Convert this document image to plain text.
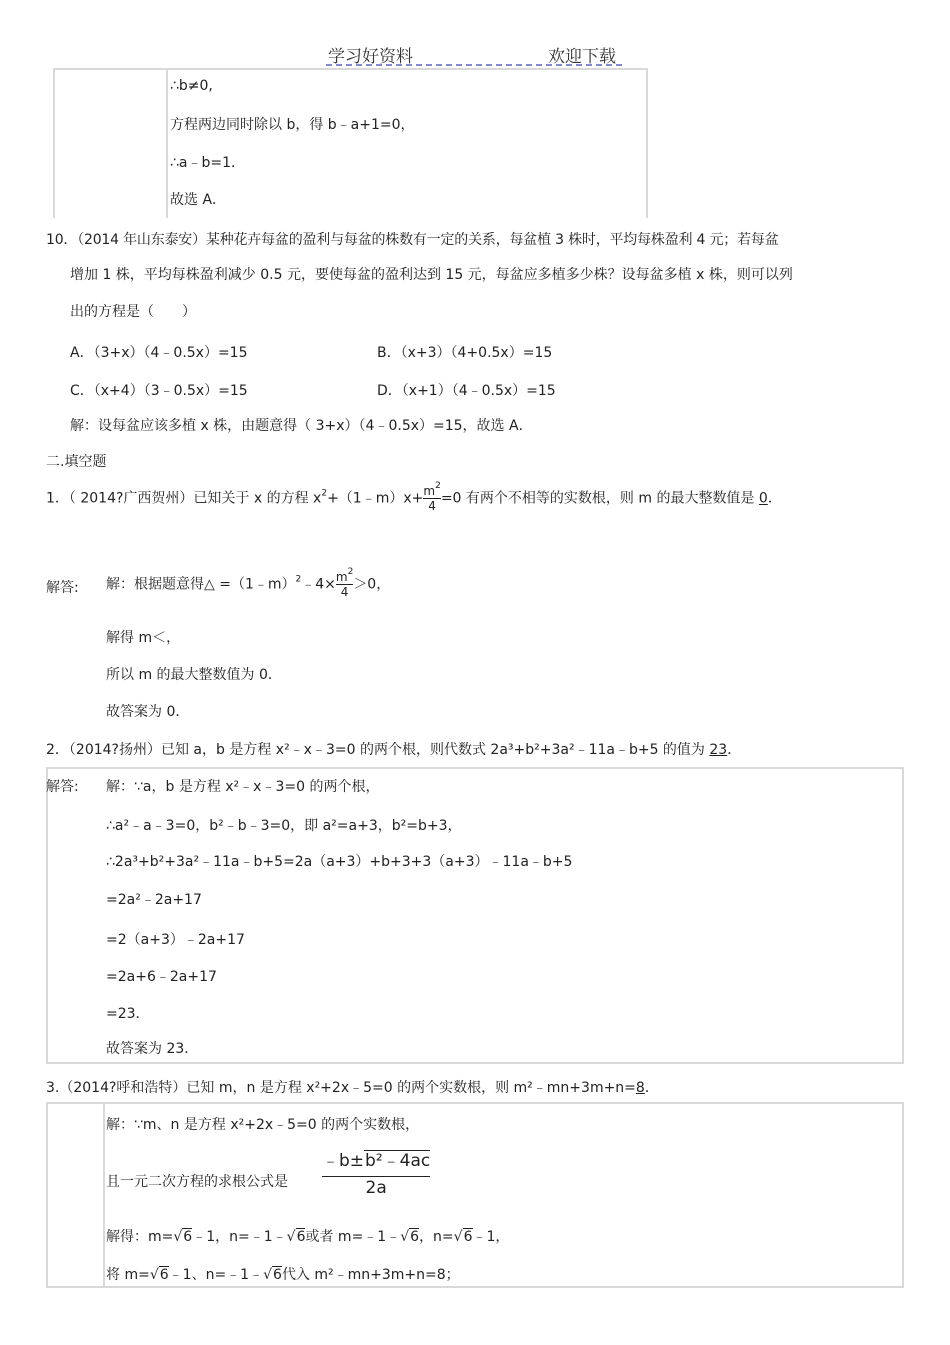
学习好资料	欢迎下载
∴b≠0,
方程两边同时除以 b，得 b﹣a+1=0，
∴a﹣b=1．
故选 A．
10．（2014 年山东泰安）某种花卉每盆的盈利与每盆的株数有一定的关系，每盆植 3 株时，平均每株盈利 4 元；若每盆
增加 1 株，平均每株盈利减少 0.5 元，要使每盆的盈利达到 15 元，每盆应多植多少株？设每盆多植 x 株，则可以列
出的方程是（　　）
A．（3+x）（4﹣0.5x）=15	B．（x+3）（4+0.5x）=15
C．（x+4）（3﹣0.5x）=15	D．（x+1）（4﹣0.5x）=15
解：设每盆应该多植 x 株，由题意得（ 3+x）（4﹣0.5x）=15，故选 A．
二.填空题
1．（ 2014?广西贺州）已知关于 x 的方程 $x^2+(1﹣m)x+ \frac{m^2}{4} =0$ 有两个不相等的实数根，则 m 的最大整数值是 0．
解答: 解：根据题意得△ =（1﹣m）$^2$﹣4× $\frac{m^2}{4} >0$，
解得 m＜，
所以 m 的最大整数值为 0．
故答案为 0．
2．（2014?扬州）已知 a，b 是方程 x²﹣x﹣3=0 的两个根，则代数式 2a³+b²+3a²﹣11a﹣b+5 的值为 23．
解答: 解：∵a，b 是方程 x²﹣x﹣3=0 的两个根，
∴a²﹣a﹣3=0，b²﹣b﹣3=0，即 a²=a+3，b²=b+3，
∴2a³+b²+3a²﹣11a﹣b+5=2a（a+3）+b+3+3（a+3）﹣11a﹣b+5
=2a²﹣2a+17
=2（a+3）﹣2a+17
=2a+6﹣2a+17
=23．
故答案为 23．
3.（2014?呼和浩特）已知 m，n 是方程 x²+2x﹣5=0 的两个实数根，则 m²﹣mn+3m+n=8．
解：∵m、n 是方程 x²+2x﹣5=0 的两个实数根，
且一元二次方程的求根公式是 $\frac{\text{﹣b±b²﹣4ac}}{2a}$
解得：m=√6﹣1，n=﹣1﹣√6或者 m=﹣1﹣√6，n=√6﹣1，
将 m=√6﹣1、n=﹣1﹣√6代入 m²﹣mn+3m+n=8；
